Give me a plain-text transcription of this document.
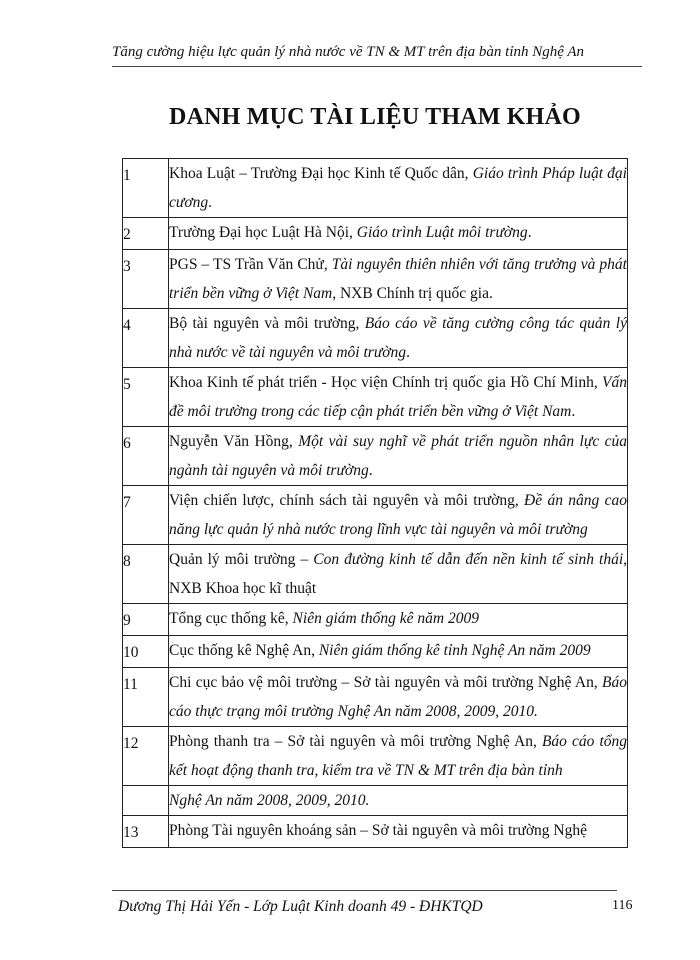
Tăng cường hiệu lực quản lý nhà nước về TN & MT trên địa bàn tỉnh Nghệ An
DANH MỤC TÀI LIỆU THAM KHẢO
1	Khoa Luật – Trường Đại học Kinh tế Quốc dân, Giáo trình Pháp luật đại cương.

2	Trường Đại học Luật Hà Nội, Giáo trình Luật môi trường.

3	PGS – TS Trần Văn Chử, Tài nguyên thiên nhiên với tăng trưởng và phát triển bền vững ở Việt Nam, NXB Chính trị quốc gia.

4	Bộ tài nguyên và môi trường, Báo cáo về tăng cường công tác quản lý nhà nước về tài nguyên và môi trường.

5	Khoa Kinh tế phát triển - Học viện Chính trị quốc gia Hồ Chí Minh, Vấn đề môi trường trong các tiếp cận phát triển bền vững ở Việt Nam.

6	Nguyễn Văn Hồng, Một vài suy nghĩ về phát triển nguồn nhân lực của ngành tài nguyên và môi trường.

7	Viện chiến lược, chính sách tài nguyên và môi trường, Đề án nâng cao năng lực quản lý nhà nước trong lĩnh vực tài nguyên và môi trường

8	Quản lý môi trường – Con đường kinh tế dẫn đến nền kinh tế sinh thái, NXB Khoa học kĩ thuật

9	Tổng cục thống kê, Niên giám thống kê năm 2009

10	Cục thống kê Nghệ An, Niên giám thống kê tỉnh Nghệ An năm 2009

11	Chi cục bảo vệ môi trường – Sở tài nguyên và môi trường Nghệ An, Báo cáo thực trạng môi trường Nghệ An năm 2008, 2009, 2010.

12	Phòng thanh tra – Sở tài nguyên và môi trường Nghệ An, Báo cáo tổng kết hoạt động thanh tra, kiểm tra về TN & MT trên địa bàn tỉnh

	Nghệ An năm 2008, 2009, 2010.

13	Phòng Tài nguyên khoáng sản – Sở tài nguyên và môi trường Nghệ
Dương Thị Hải Yến - Lớp Luật Kinh doanh 49 - ĐHKTQD	116
